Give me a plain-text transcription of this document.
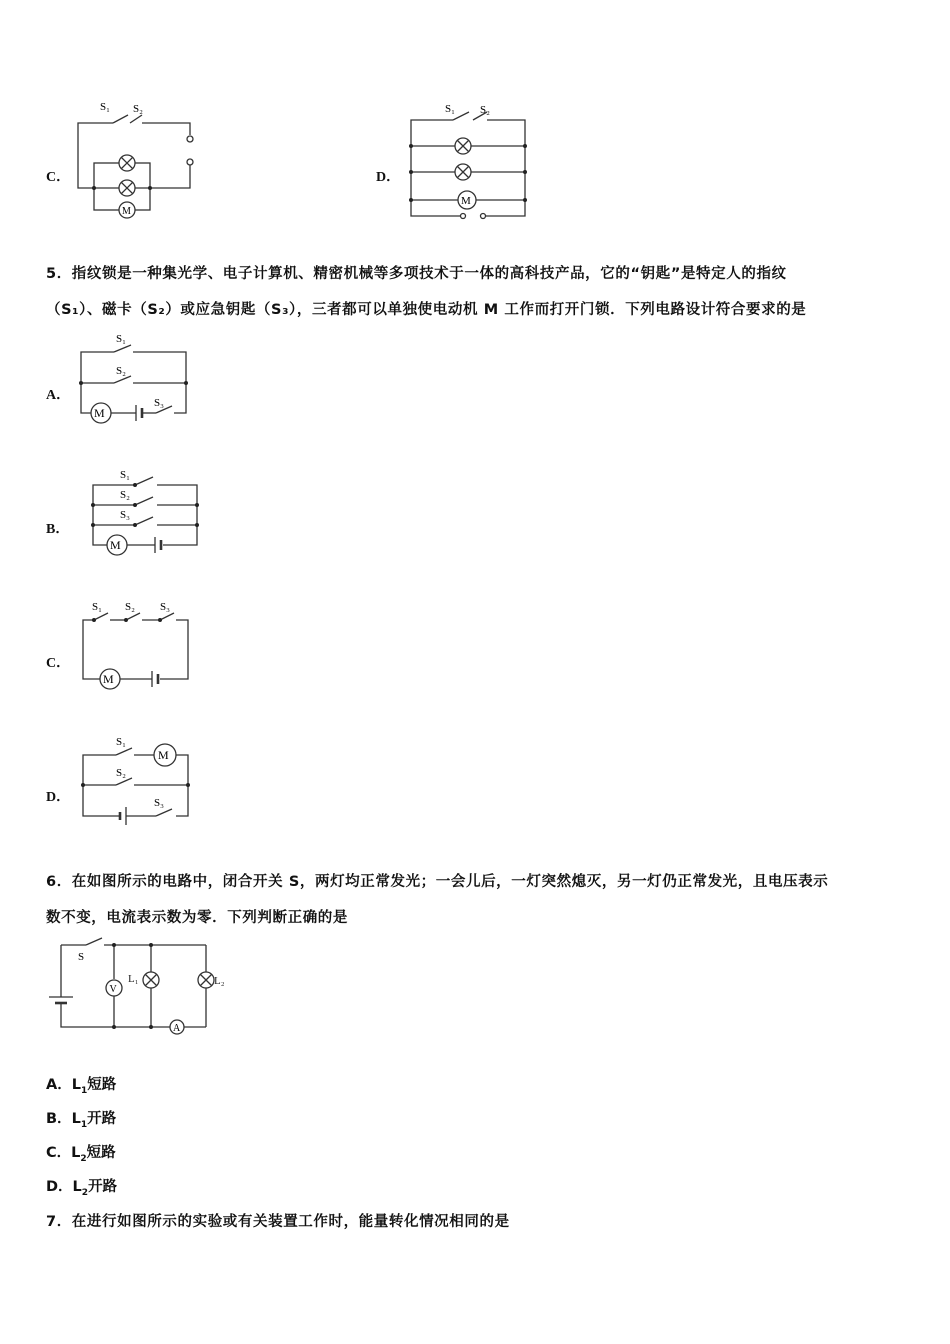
C．
S₁ S₂
M
D．
S₁ S₂
M
5．指纹锁是一种集光学、电子计算机、精密机械等多项技术于一体的高科技产品，它的“钥匙”是特定人的指纹
（S₁）、磁卡（S₂）或应急钥匙（S₃），三者都可以单独使电动机 M 工作而打开门锁．下列电路设计符合要求的是
A．
S₁
S₂
S₃
M
B．
S₁
S₂
S₃
M
C．
S₁ S₂ S₃
M
D．
S₁
S₂
S₃
M
6．在如图所示的电路中，闭合开关 S，两灯均正常发光；一会儿后，一灯突然熄灭，另一灯仍正常发光，且电压表示
数不变，电流表示数为零．下列判断正确的是
S
V
L₁	L₂
A
A．$L_1$短路
B．$L_1$开路
C．$L_2$短路
D．$L_2$开路
7．在进行如图所示的实验或有关装置工作时，能量转化情况相同的是
